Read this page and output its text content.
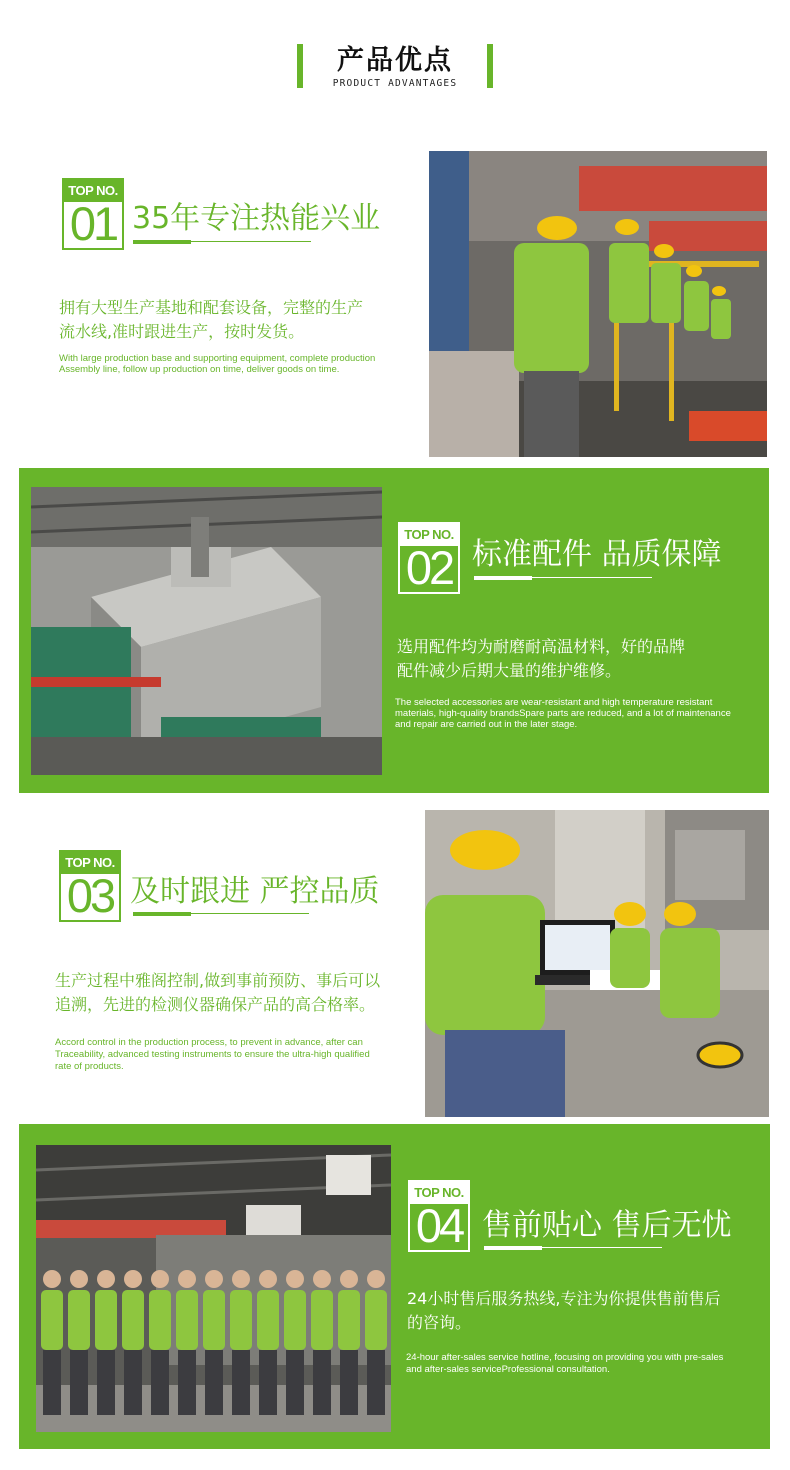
产品优点
PRODUCT ADVANTAGES
TOP NO.
01 35年专注热能兴业
拥有大型生产基地和配套设备，完整的生产
流水线,准时跟进生产，按时发货。
With large production base and supporting equipment, complete production
Assembly line, follow up production on time, deliver goods on time.
TOP NO.
02 标准配件 品质保障
选用配件均为耐磨耐高温材料，好的品牌
配件减少后期大量的维护维修。
The selected accessories are wear-resistant and high temperature resistant
materials, high-quality brandsSpare parts are reduced, and a lot of maintenance
and repair are carried out in the later stage.
TOP NO.
03 及时跟进 严控品质
生产过程中雅阁控制,做到事前预防、事后可以
追溯，先进的检测仪器确保产品的高合格率。
Accord control in the production process, to prevent in advance, after can
Traceability, advanced testing instruments to ensure the ultra-high qualified
rate of products.
TOP NO.
04 售前贴心 售后无忧
24小时售后服务热线,专注为你提供售前售后
的咨询。
24-hour after-sales service hotline, focusing on providing you with pre-sales
and after-sales serviceProfessional consultation.
